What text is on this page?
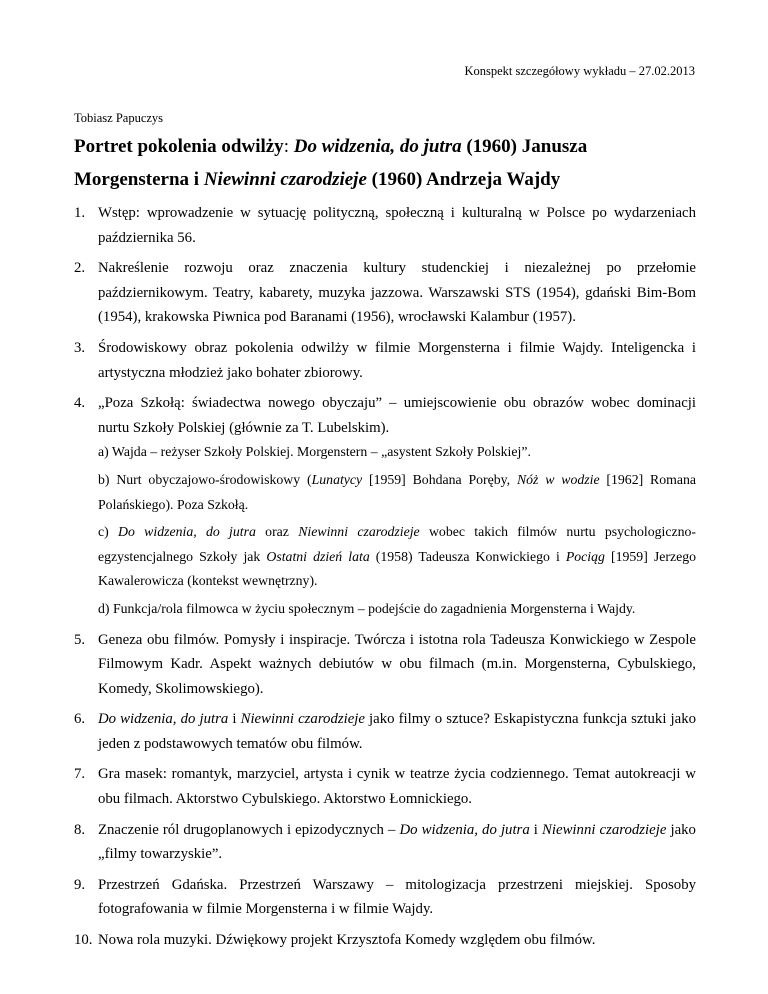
Konspekt szczegółowy wykładu – 27.02.2013
Tobiasz Papuczys
Portret pokolenia odwilży: Do widzenia, do jutra (1960) Janusza Morgensterna i Niewinni czarodzieje (1960) Andrzeja Wajdy
1. Wstęp: wprowadzenie w sytuację polityczną, społeczną i kulturalną w Polsce po wydarzeniach października 56.
2. Nakreślenie rozwoju oraz znaczenia kultury studenckiej i niezależnej po przełomie październikowym. Teatry, kabarety, muzyka jazzowa. Warszawski STS (1954), gdański Bim-Bom (1954), krakowska Piwnica pod Baranami (1956), wrocławski Kalambur (1957).
3. Środowiskowy obraz pokolenia odwilży w filmie Morgensterna i filmie Wajdy. Inteligencka i artystyczna młodzież jako bohater zbiorowy.
4. „Poza Szkołą: świadectwa nowego obyczaju” – umiejscowienie obu obrazów wobec dominacji nurtu Szkoły Polskiej (głównie za T. Lubelskim).
a) Wajda – reżyser Szkoły Polskiej. Morgenstern – „asystent Szkoły Polskiej”.
b) Nurt obyczajowo-środowiskowy (Lunatycy [1959] Bohdana Poręby, Nóż w wodzie [1962] Romana Polańskiego). Poza Szkołą.
c) Do widzenia, do jutra oraz Niewinni czarodzieje wobec takich filmów nurtu psychologiczno-egzystencjalnego Szkoły jak Ostatni dzień lata (1958) Tadeusza Konwickiego i Pociąg [1959] Jerzego Kawalerowicza (kontekst wewnętrzny).
d) Funkcja/rola filmowca w życiu społecznym – podejście do zagadnienia Morgensterna i Wajdy.
5. Geneza obu filmów. Pomysły i inspiracje. Twórcza i istotna rola Tadeusza Konwickiego w Zespole Filmowym Kadr. Aspekt ważnych debiutów w obu filmach (m.in. Morgensterna, Cybulskiego, Komedy, Skolimowskiego).
6. Do widzenia, do jutra i Niewinni czarodzieje jako filmy o sztuce? Eskapistyczna funkcja sztuki jako jeden z podstawowych tematów obu filmów.
7. Gra masek: romantyk, marzyciel, artysta i cynik w teatrze życia codziennego. Temat autokreacji w obu filmach. Aktorstwo Cybulskiego. Aktorstwo Łomnickiego.
8. Znaczenie ról drugoplanowych i epizodycznych – Do widzenia, do jutra i Niewinni czarodzieje jako „filmy towarzyskie”.
9. Przestrzeń Gdańska. Przestrzeń Warszawy – mitologizacja przestrzeni miejskiej. Sposoby fotografowania w filmie Morgensterna i w filmie Wajdy.
10. Nowa rola muzyki. Dźwiękowy projekt Krzysztofa Komedy względem obu filmów.
